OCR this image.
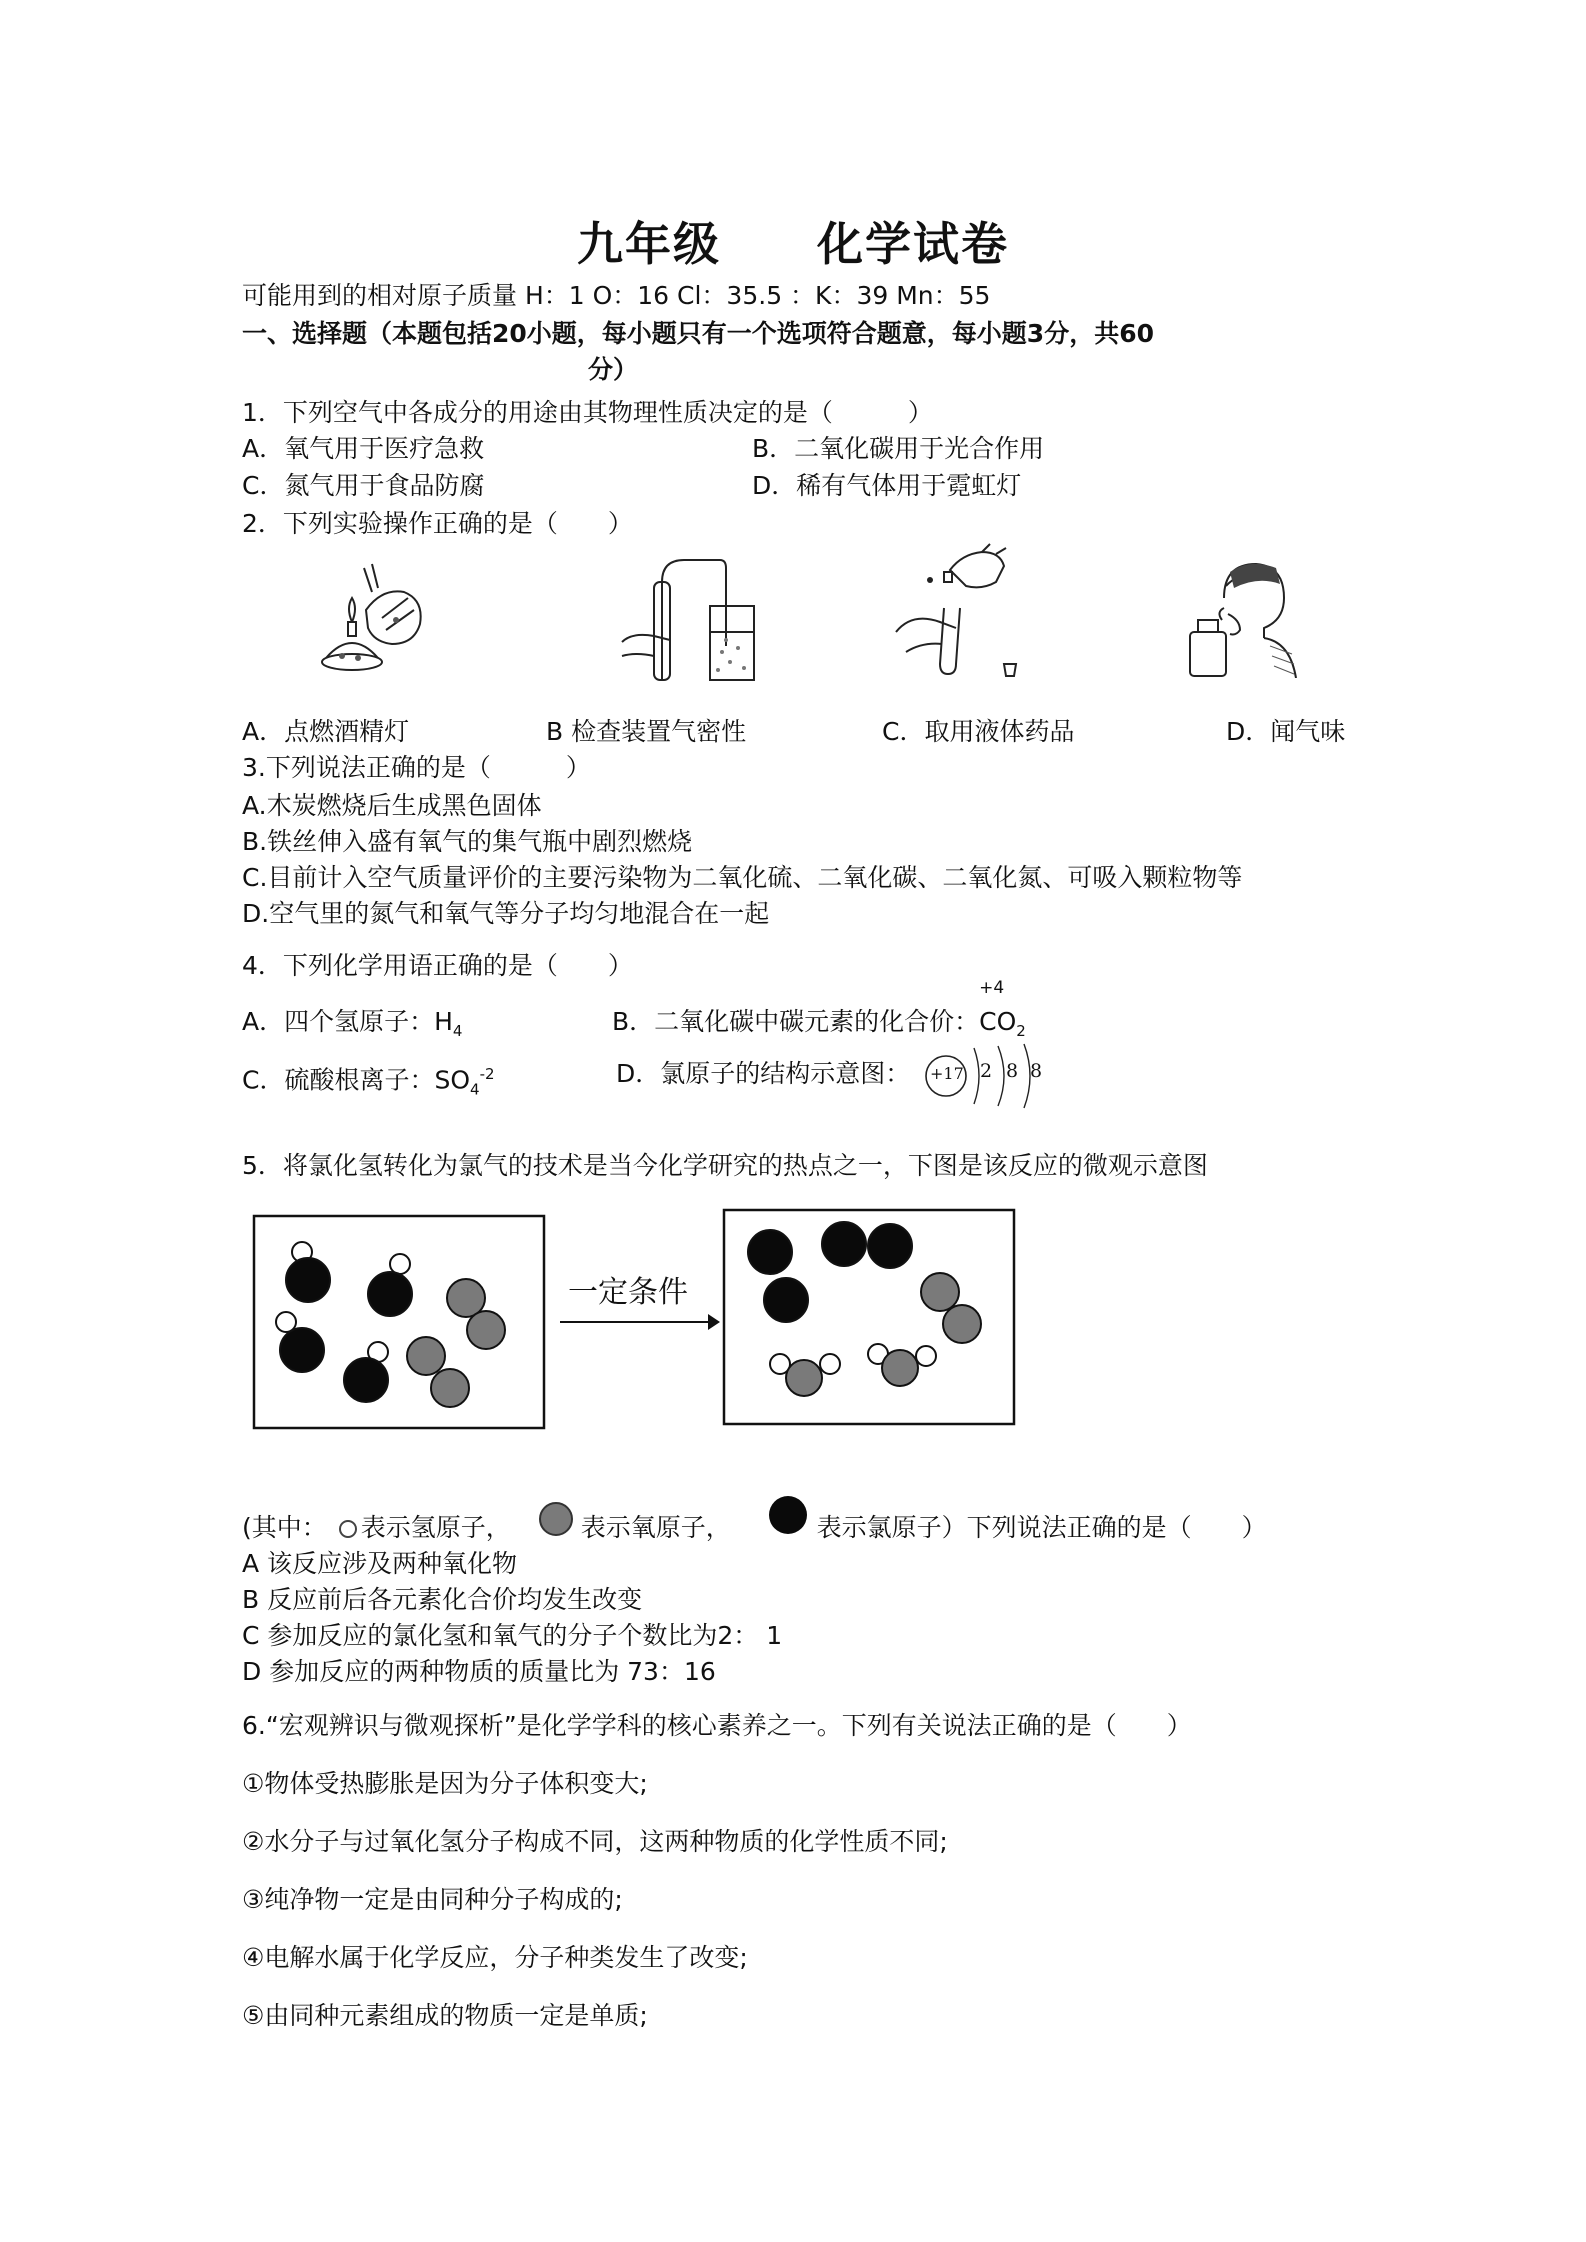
九年级 化学试卷
可能用到的相对原子质量 H：1 O：16 Cl：35.5 ：K：39 Mn：55
一、选择题（本题包括20小题，每小题只有一个选项符合题意，每小题3分，共60
分）
1．下列空气中各成分的用途由其物理性质决定的是（　　　）
A．氧气用于医疗急救	B．二氧化碳用于光合作用
C．氮气用于食品防腐	D．稀有气体用于霓虹灯
2．下列实验操作正确的是（　　）
A．点燃酒精灯	B 检查装置气密性	C．取用液体药品	D．闻气味
3.下列说法正确的是（　　　）
A.木炭燃烧后生成黑色固体
B.铁丝伸入盛有氧气的集气瓶中剧烈燃烧
C.目前计入空气质量评价的主要污染物为二氧化硫、二氧化碳、二氧化氮、可吸入颗粒物等
D.空气里的氮气和氧气等分子均匀地混合在一起
4．下列化学用语正确的是（　　）
A．四个氢原子：$H_4$	B．二氧化碳中碳元素的化合价：
+4
$CO_2$
C．硫酸根离子：$SO_4^{-2}$	D．氯原子的结构示意图： +17 2 8 8
5．将氯化氢转化为氯气的技术是当今化学研究的热点之一，下图是该反应的微观示意图
一定条件
(其中： 表示氢原子，	表示氧原子，	表示氯原子）下列说法正确的是（　　）
A 该反应涉及两种氧化物
B 反应前后各元素化合价均发生改变
C 参加反应的氯化氢和氧气的分子个数比为2： 1
D 参加反应的两种物质的质量比为 73：16
6.“宏观辨识与微观探析”是化学学科的核心素养之一。下列有关说法正确的是（　　）
①物体受热膨胀是因为分子体积变大;
②水分子与过氧化氢分子构成不同，这两种物质的化学性质不同;
③纯净物一定是由同种分子构成的;
④电解水属于化学反应，分子种类发生了改变;
⑤由同种元素组成的物质一定是单质;
